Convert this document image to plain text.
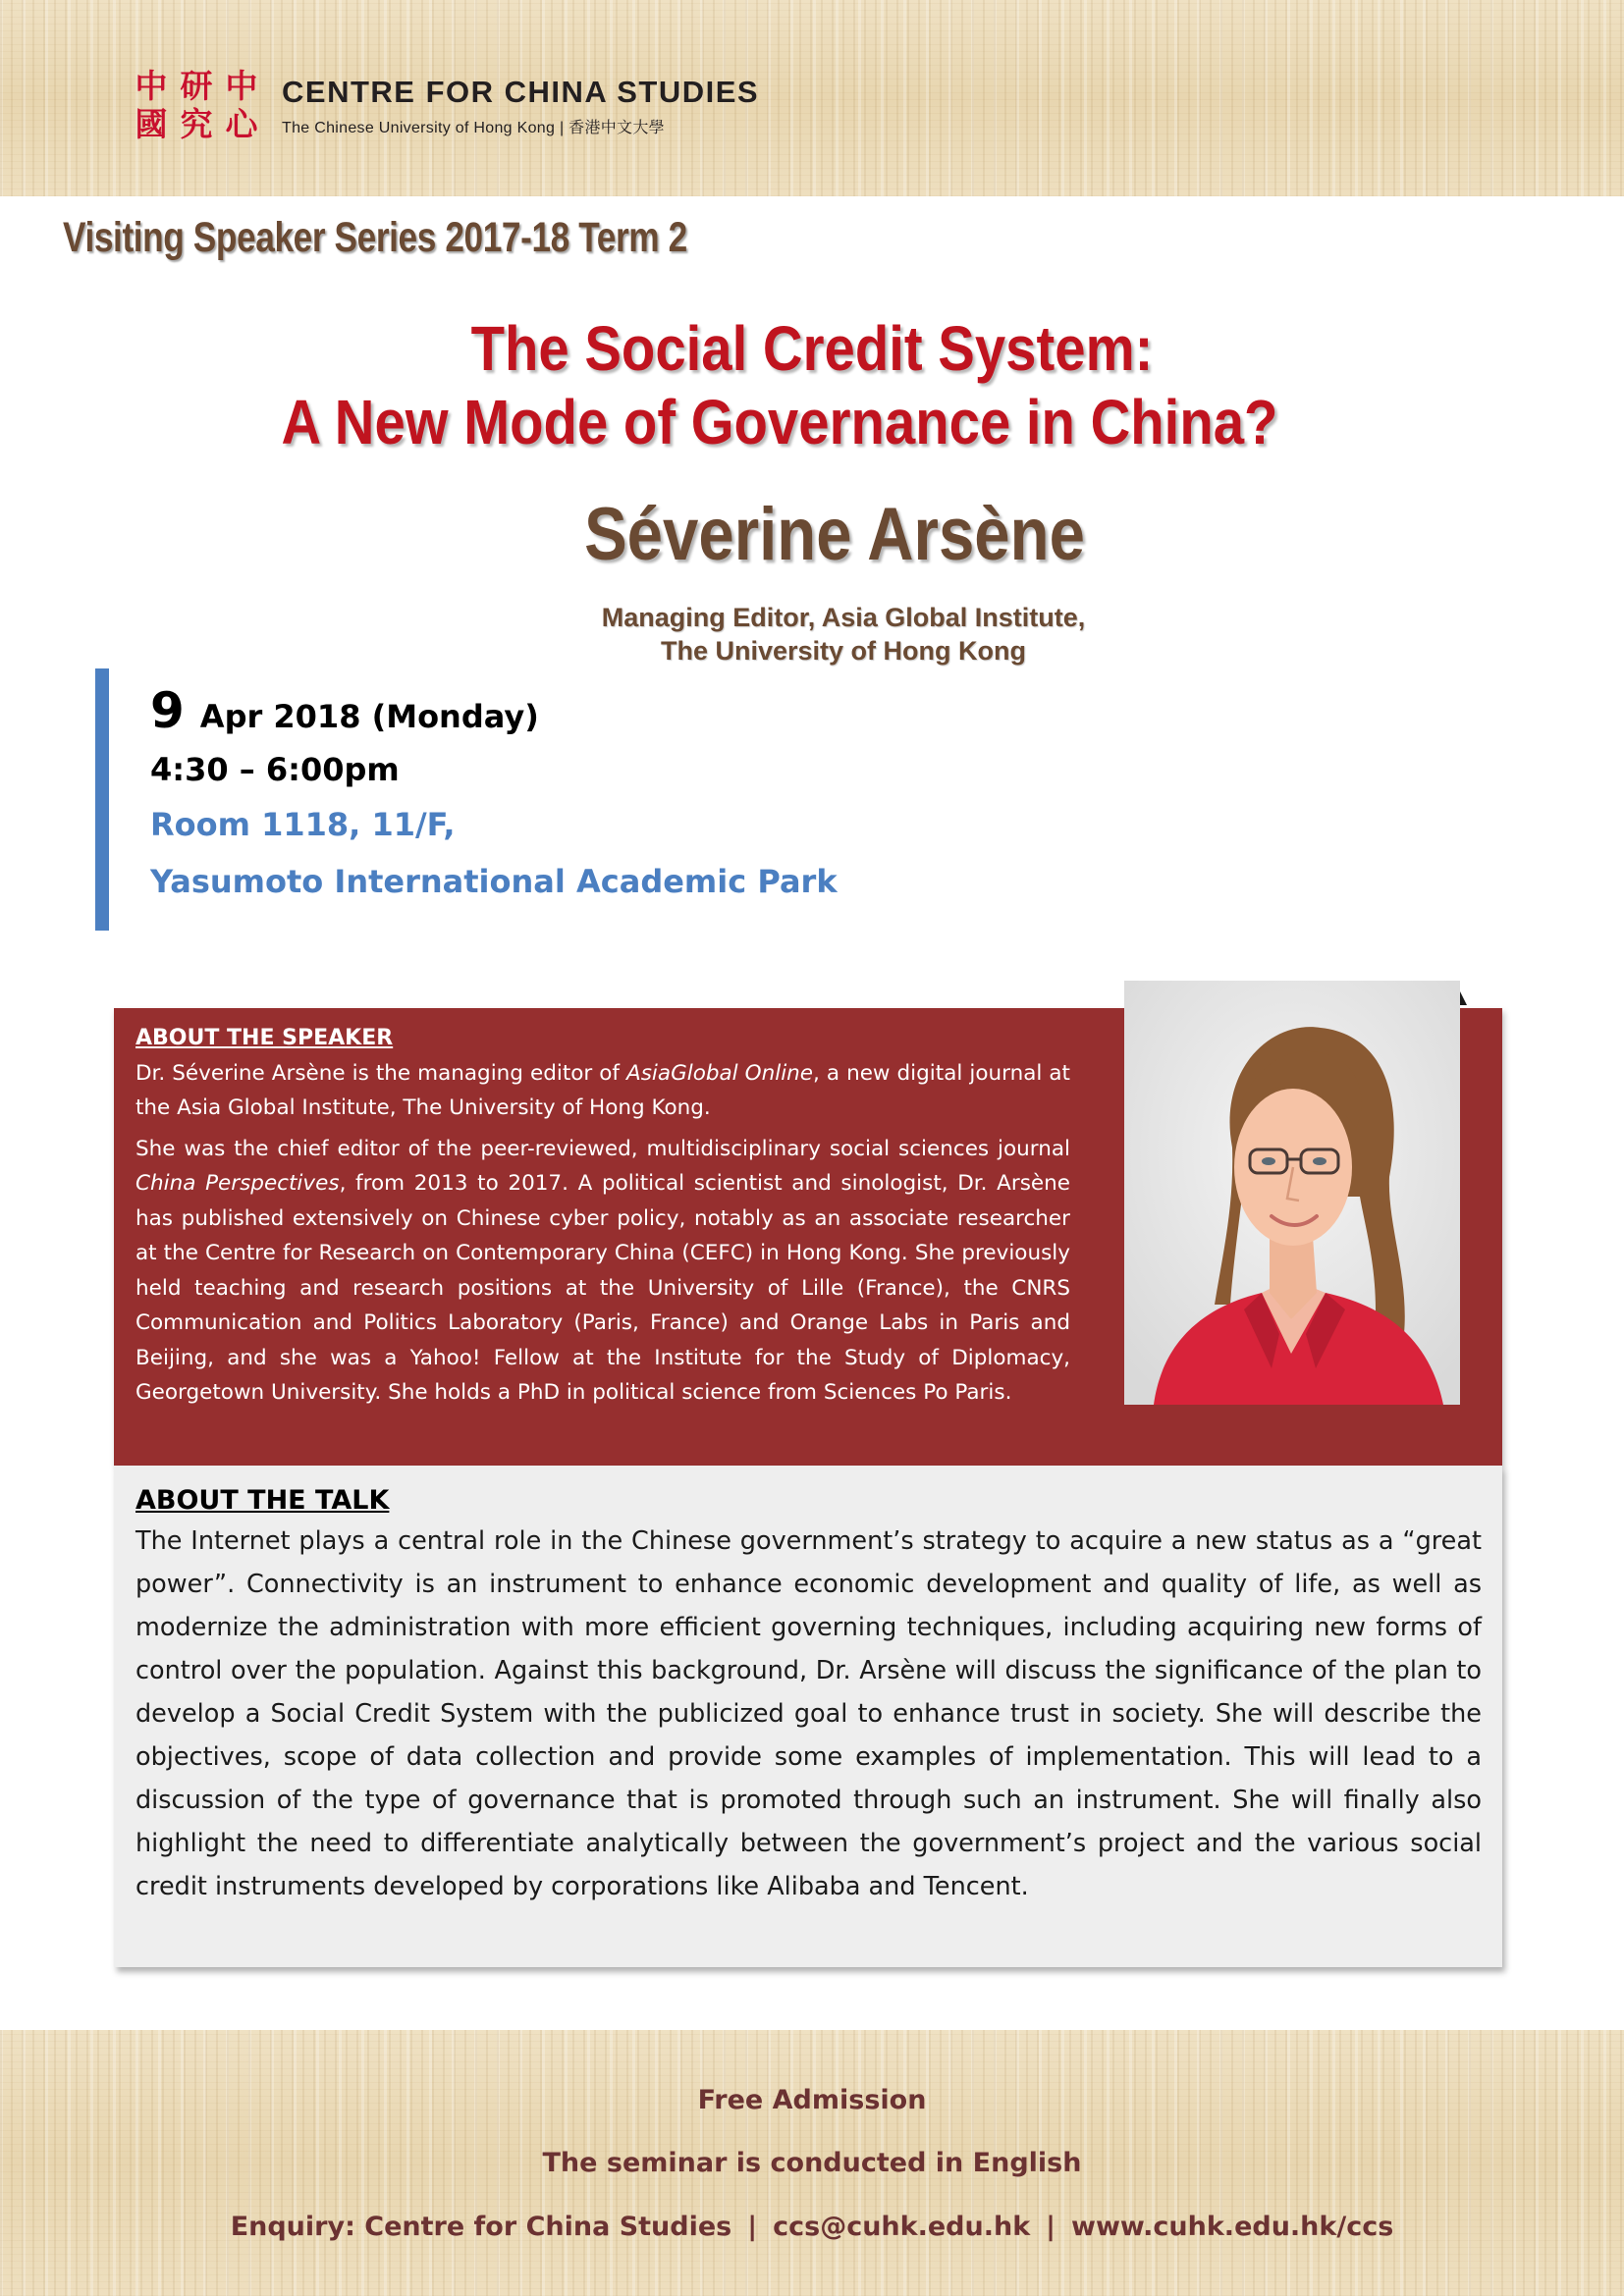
中 研 中
國 究 心
CENTRE FOR CHINA STUDIES
The Chinese University of Hong Kong | 香港中文大學
Visiting Speaker Series 2017-18 Term 2
The Social Credit System:
A New Mode of Governance in China?
Séverine Arsène
Managing Editor, Asia Global Institute,
The University of Hong Kong
9 Apr 2018 (Monday)
4:30 – 6:00pm
Room 1118, 11/F,
Yasumoto International Academic Park
ABOUT THE SPEAKER

Dr. Séverine Arsène is the managing editor of AsiaGlobal Online, a new digital journal at the Asia Global Institute, The University of Hong Kong.

She was the chief editor of the peer-reviewed, multidisciplinary social sciences journal China Perspectives, from 2013 to 2017. A political scientist and sinologist, Dr. Arsène has published extensively on Chinese cyber policy, notably as an associate researcher at the Centre for Research on Contemporary China (CEFC) in Hong Kong. She previously held teaching and research positions at the University of Lille (France), the CNRS Communication and Politics Laboratory (Paris, France) and Orange Labs in Paris and Beijing, and she was a Yahoo! Fellow at the Institute for the Study of Diplomacy, Georgetown University. She holds a PhD in political science from Sciences Po Paris.

ABOUT THE TALK
The Internet plays a central role in the Chinese government’s strategy to acquire a new status as a “great power”. Connectivity is an instrument to enhance economic development and quality of life, as well as modernize the administration with more efficient governing techniques, including acquiring new forms of control over the population. Against this background, Dr. Arsène will discuss the significance of the plan to develop a Social Credit System with the publicized goal to enhance trust in society. She will describe the objectives, scope of data collection and provide some examples of implementation. This will lead to a discussion of the type of governance that is promoted through such an instrument. She will finally also highlight the need to differentiate analytically between the government’s project and the various social credit instruments developed by corporations like Alibaba and Tencent.
Free Admission
The seminar is conducted in English
Enquiry: Centre for China Studies | ccs@cuhk.edu.hk | www.cuhk.edu.hk/ccs
